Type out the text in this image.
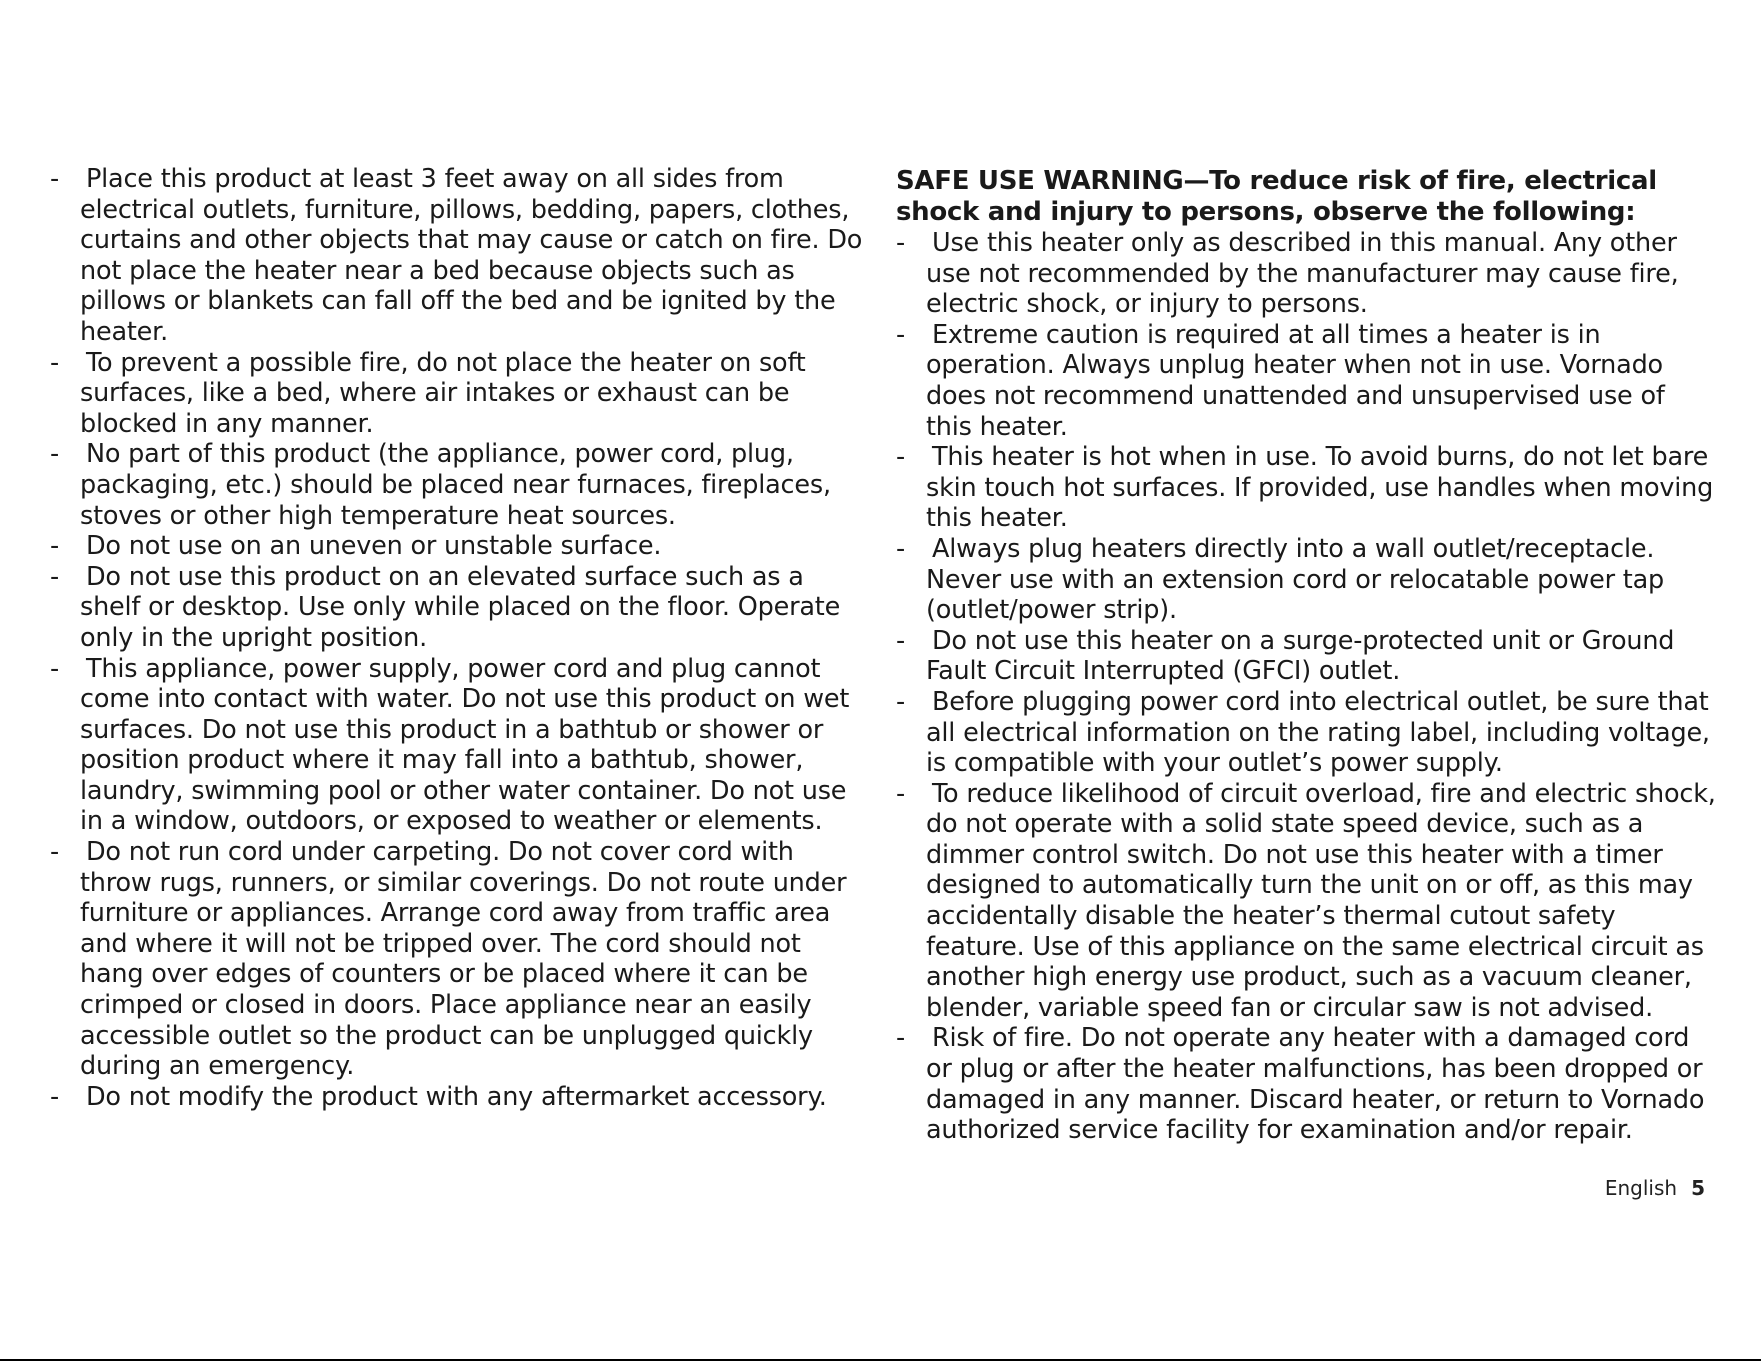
- Place this product at least 3 feet away on all sides from electrical outlets, furniture, pillows, bedding, papers, clothes, curtains and other objects that may cause or catch on fire. Do not place the heater near a bed because objects such as pillows or blankets can fall off the bed and be ignited by the heater.
- To prevent a possible fire, do not place the heater on soft surfaces, like a bed, where air intakes or exhaust can be blocked in any manner.
- No part of this product (the appliance, power cord, plug, packaging, etc.) should be placed near furnaces, fireplaces, stoves or other high temperature heat sources.
- Do not use on an uneven or unstable surface.
- Do not use this product on an elevated surface such as a shelf or desktop. Use only while placed on the floor. Operate only in the upright position.
- This appliance, power supply, power cord and plug cannot come into contact with water. Do not use this product on wet surfaces. Do not use this product in a bathtub or shower or position product where it may fall into a bathtub, shower, laundry, swimming pool or other water container. Do not use in a window, outdoors, or exposed to weather or elements.
- Do not run cord under carpeting. Do not cover cord with throw rugs, runners, or similar coverings. Do not route under furniture or appliances. Arrange cord away from traffic area and where it will not be tripped over. The cord should not hang over edges of counters or be placed where it can be crimped or closed in doors. Place appliance near an easily accessible outlet so the product can be unplugged quickly during an emergency.
- Do not modify the product with any aftermarket accessory.
SAFE USE WARNING—To reduce risk of fire, electrical shock and injury to persons, observe the following:
- Use this heater only as described in this manual. Any other use not recommended by the manufacturer may cause fire, electric shock, or injury to persons.
- Extreme caution is required at all times a heater is in operation. Always unplug heater when not in use. Vornado does not recommend unattended and unsupervised use of this heater.
- This heater is hot when in use. To avoid burns, do not let bare skin touch hot surfaces. If provided, use handles when moving this heater.
- Always plug heaters directly into a wall outlet/receptacle. Never use with an extension cord or relocatable power tap (outlet/power strip).
- Do not use this heater on a surge-protected unit or Ground Fault Circuit Interrupted (GFCI) outlet.
- Before plugging power cord into electrical outlet, be sure that all electrical information on the rating label, including voltage, is compatible with your outlet’s power supply.
- To reduce likelihood of circuit overload, fire and electric shock, do not operate with a solid state speed device, such as a dimmer control switch. Do not use this heater with a timer designed to automatically turn the unit on or off, as this may accidentally disable the heater’s thermal cutout safety feature. Use of this appliance on the same electrical circuit as another high energy use product, such as a vacuum cleaner, blender, variable speed fan or circular saw is not advised.
- Risk of fire. Do not operate any heater with a damaged cord or plug or after the heater malfunctions, has been dropped or damaged in any manner. Discard heater, or return to Vornado authorized service facility for examination and/or repair.
English 5
